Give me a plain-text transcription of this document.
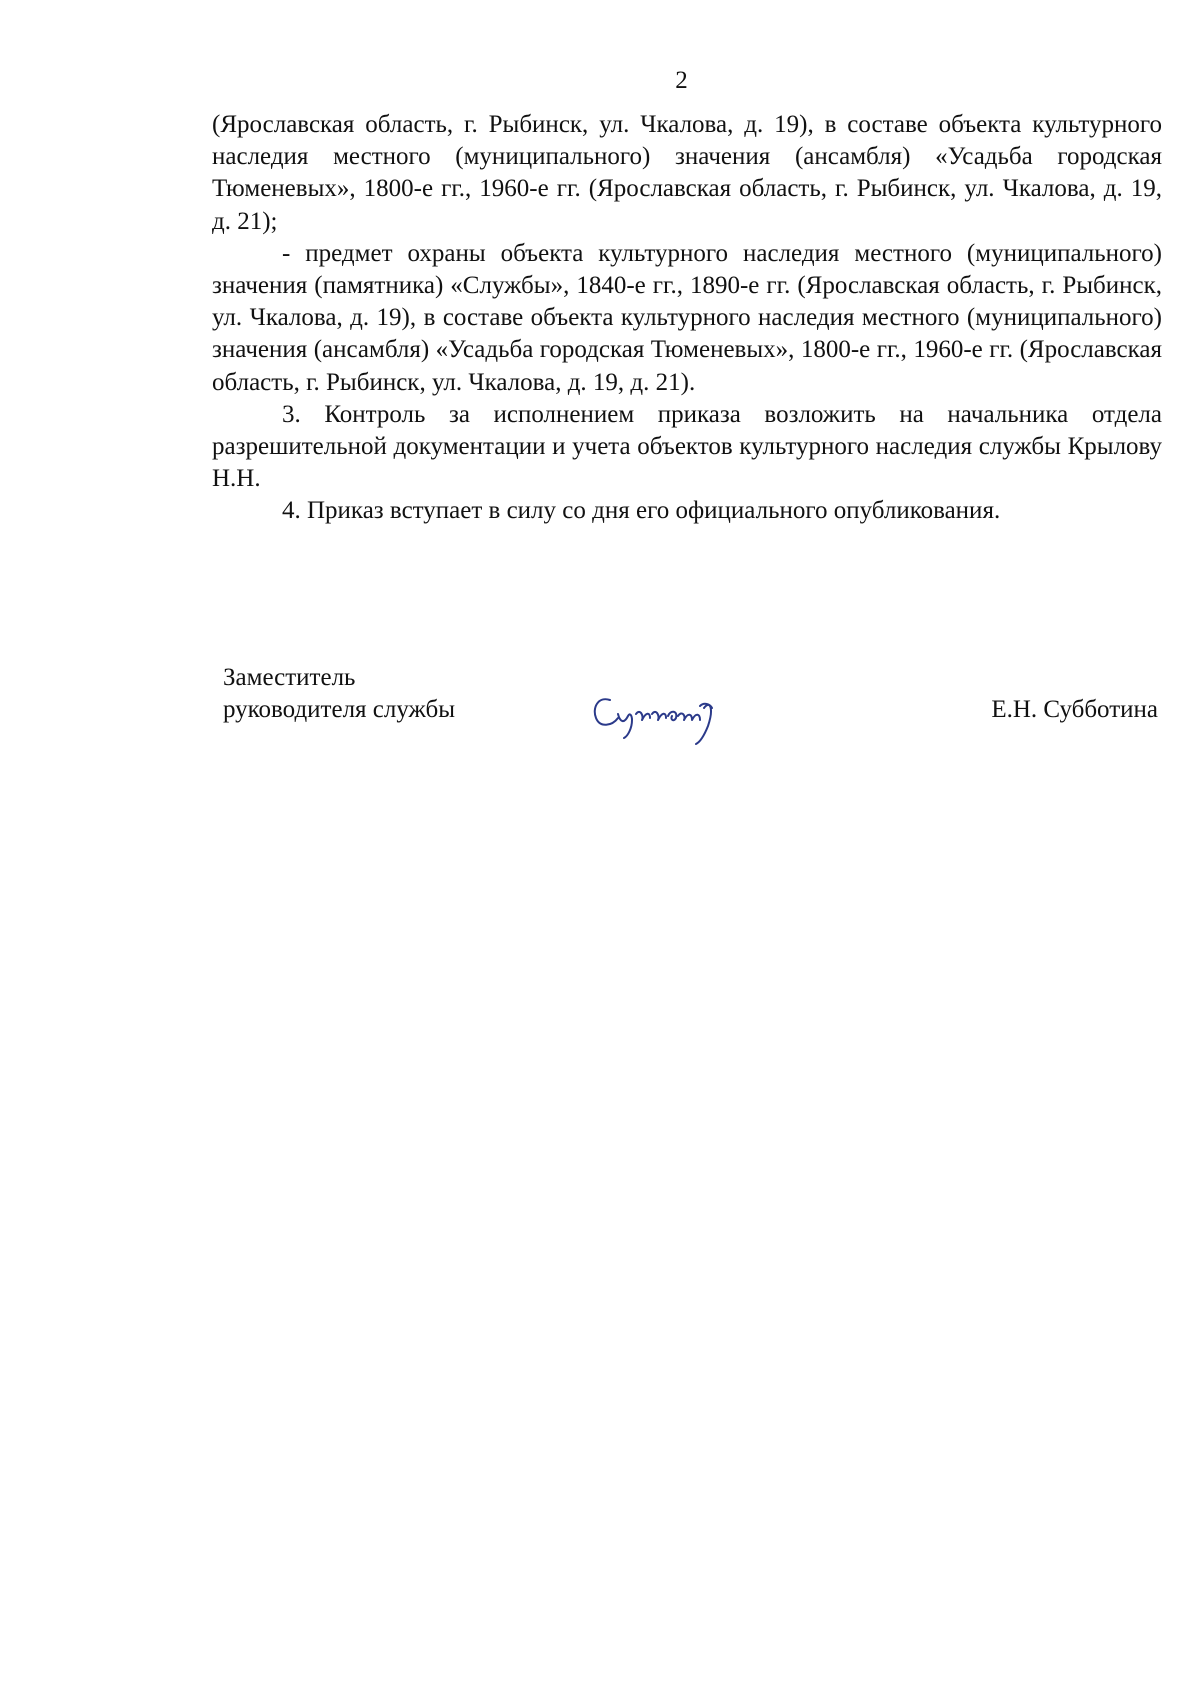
2

(Ярославская область, г. Рыбинск, ул. Чкалова, д. 19), в составе объекта культурного наследия местного (муниципального) значения (ансамбля) «Усадьба городская Тюменевых», 1800-е гг., 1960-е гг. (Ярославская область, г. Рыбинск, ул. Чкалова, д. 19, д. 21);

- предмет охраны объекта культурного наследия местного (муниципального) значения (памятника) «Службы», 1840-е гг., 1890-е гг. (Ярославская область, г. Рыбинск, ул. Чкалова, д. 19), в составе объекта культурного наследия местного (муниципального) значения (ансамбля) «Усадьба городская Тюменевых», 1800-е гг., 1960-е гг. (Ярославская область, г. Рыбинск, ул. Чкалова, д. 19, д. 21).

3. Контроль за исполнением приказа возложить на начальника отдела разрешительной документации и учета объектов культурного наследия службы Крылову Н.Н.

4. Приказ вступает в силу со дня его официального опубликования.

Заместитель
руководителя службы	Е.Н. Субботина
